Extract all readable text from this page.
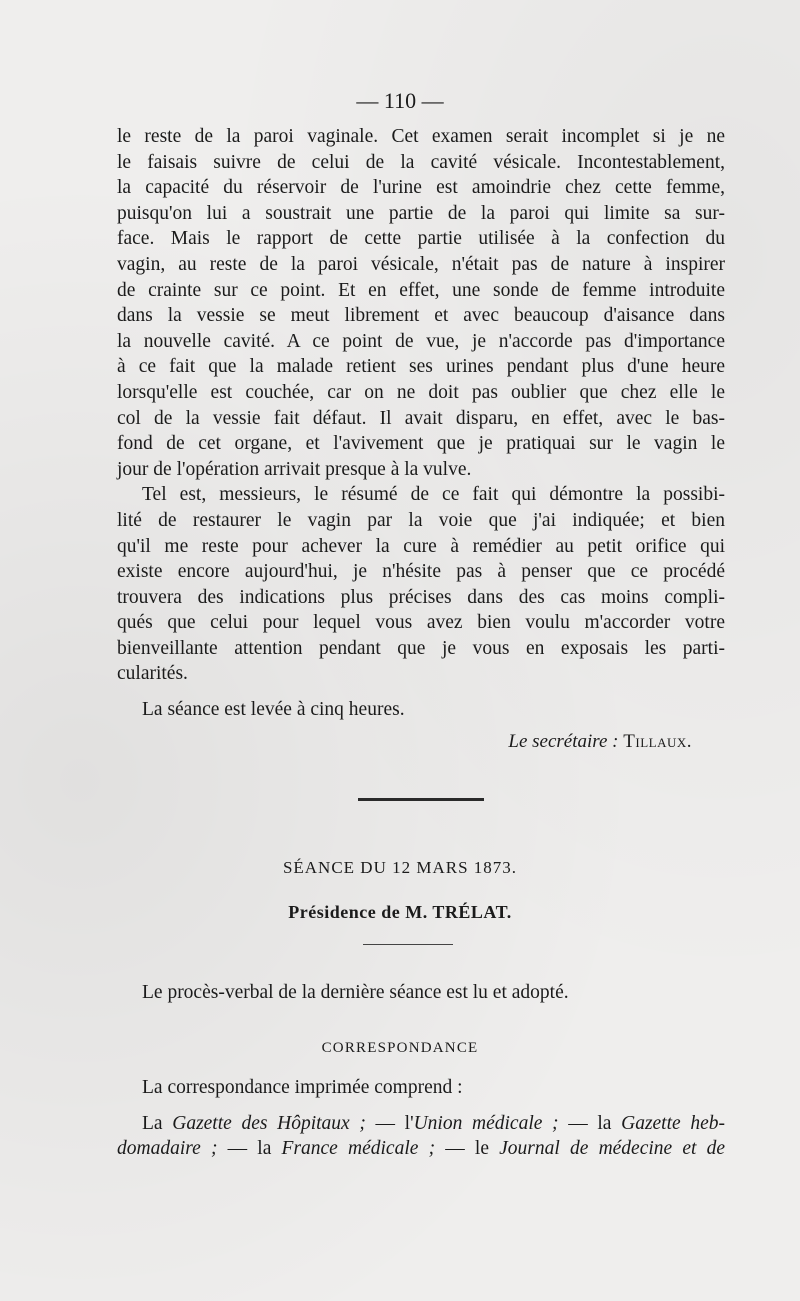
— 110 —

le reste de la paroi vaginale. Cet examen serait incomplet si je ne
le faisais suivre de celui de la cavité vésicale. Incontestablement,
la capacité du réservoir de l'urine est amoindrie chez cette femme,
puisqu'on lui a soustrait une partie de la paroi qui limite sa sur-
face. Mais le rapport de cette partie utilisée à la confection du
vagin, au reste de la paroi vésicale, n'était pas de nature à inspirer
de crainte sur ce point. Et en effet, une sonde de femme introduite
dans la vessie se meut librement et avec beaucoup d'aisance dans
la nouvelle cavité. A ce point de vue, je n'accorde pas d'importance
à ce fait que la malade retient ses urines pendant plus d'une heure
lorsqu'elle est couchée, car on ne doit pas oublier que chez elle le
col de la vessie fait défaut. Il avait disparu, en effet, avec le bas-
fond de cet organe, et l'avivement que je pratiquai sur le vagin le
jour de l'opération arrivait presque à la vulve.

Tel est, messieurs, le résumé de ce fait qui démontre la possibi-
lité de restaurer le vagin par la voie que j'ai indiquée; et bien
qu'il me reste pour achever la cure à remédier au petit orifice qui
existe encore aujourd'hui, je n'hésite pas à penser que ce procédé
trouvera des indications plus précises dans des cas moins compli-
qués que celui pour lequel vous avez bien voulu m'accorder votre
bienveillante attention pendant que je vous en exposais les parti-
cularités.

La séance est levée à cinq heures.

Le secrétaire : Tillaux.
SÉANCE DU 12 MARS 1873.
Présidence de M. TRÉLAT.

Le procès-verbal de la dernière séance est lu et adopté.

CORRESPONDANCE

La correspondance imprimée comprend :
La Gazette des Hôpitaux ; — l'Union médicale ; — la Gazette heb-
domadaire ; — la France médicale ; — le Journal de médecine et de
